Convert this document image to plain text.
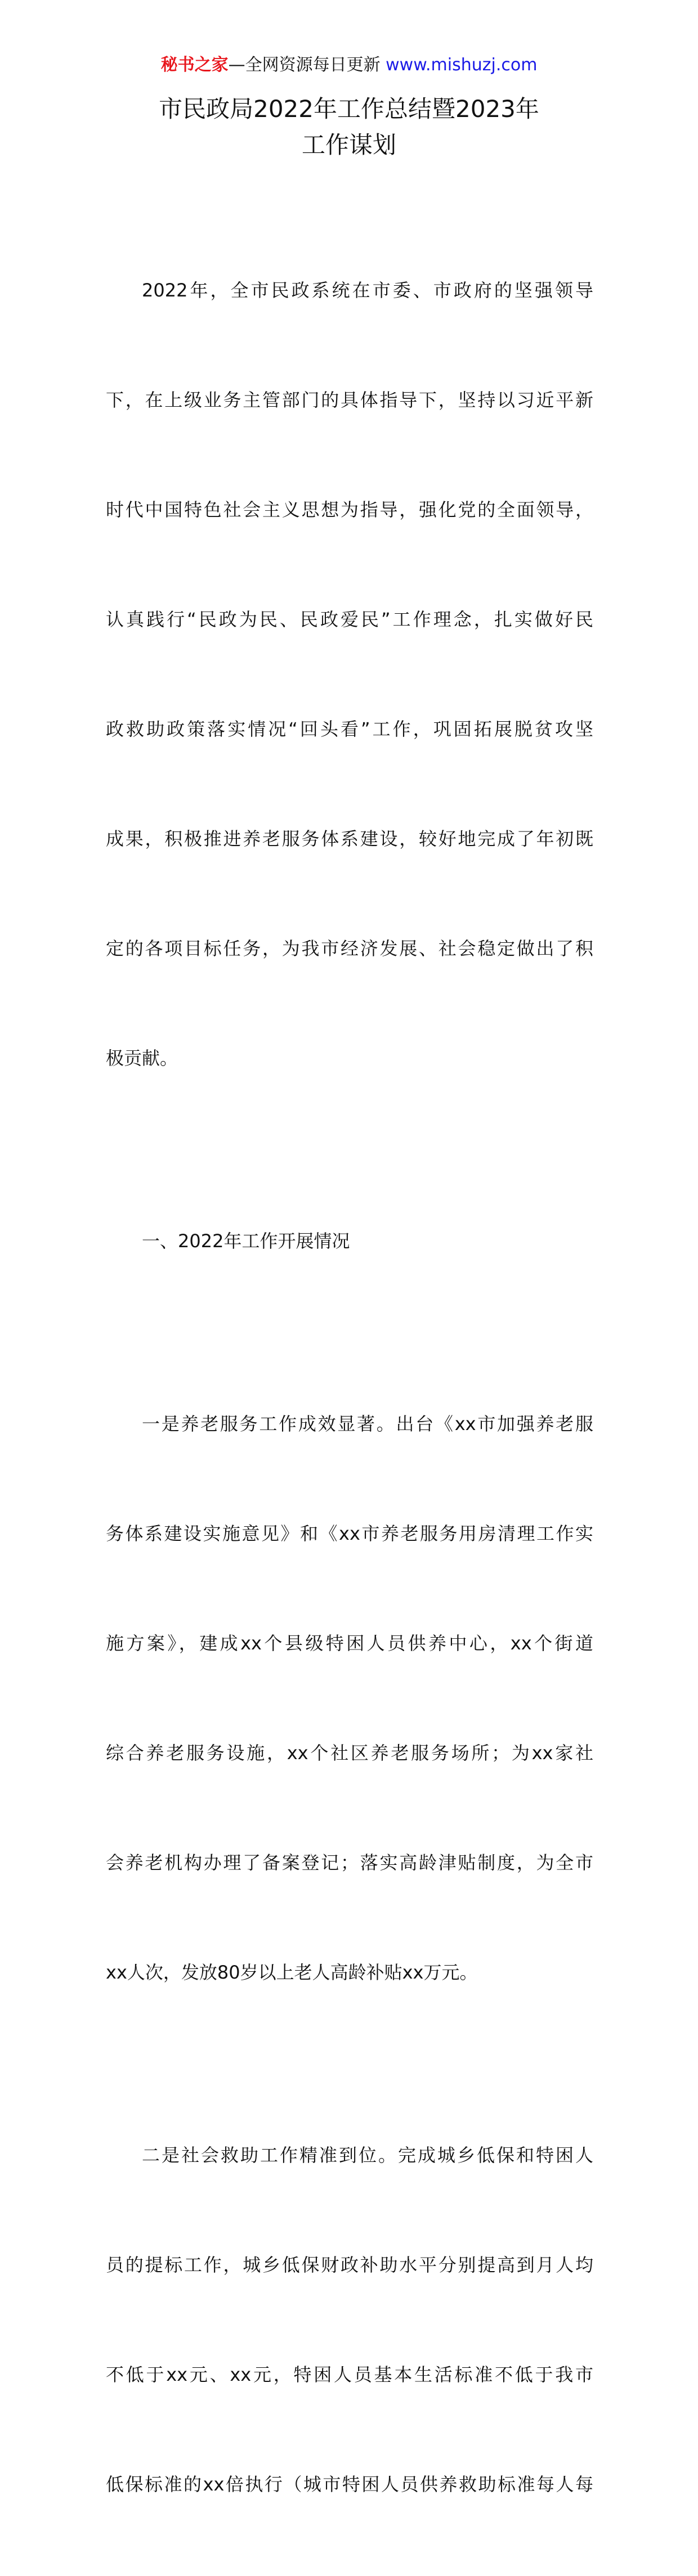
秘书之家—全网资源每日更新 www.mishuzj.com
市民政局2022年工作总结暨2023年
工作谋划

2022年，全市民政系统在市委、市政府的坚强领导

下，在上级业务主管部门的具体指导下，坚持以习近平新

时代中国特色社会主义思想为指导，强化党的全面领导，

认真践行“民政为民、民政爱民”工作理念，扎实做好民

政救助政策落实情况“回头看”工作，巩固拓展脱贫攻坚

成果，积极推进养老服务体系建设，较好地完成了年初既

定的各项目标任务，为我市经济发展、社会稳定做出了积

极贡献。

一、2022年工作开展情况

一是养老服务工作成效显著。出台《xx市加强养老服

务体系建设实施意见》和《xx市养老服务用房清理工作实

施方案》，建成xx个县级特困人员供养中心，xx个街道

综合养老服务设施，xx个社区养老服务场所；为xx家社

会养老机构办理了备案登记；落实高龄津贴制度，为全市

xx人次，发放80岁以上老人高龄补贴xx万元。

二是社会救助工作精准到位。完成城乡低保和特困人

员的提标工作，城乡低保财政补助水平分别提高到月人均

不低于xx元、xx元，特困人员基本生活标准不低于我市

低保标准的xx倍执行（城市特困人员供养救助标准每人每
